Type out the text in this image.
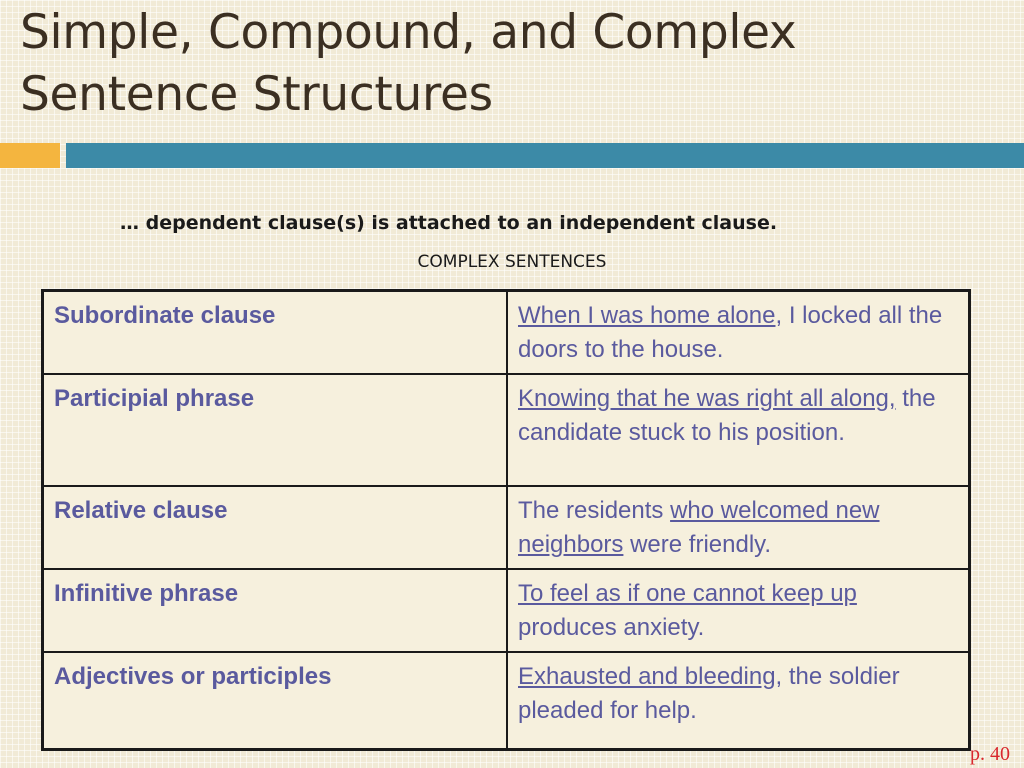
Simple, Compound, and Complex Sentence Structures
… dependent clause(s) is attached to an independent clause.
COMPLEX SENTENCES
Subordinate clause	When I was home alone, I locked all the doors to the house.
Participial phrase	Knowing that he was right all along, the candidate stuck to his position.
Relative clause	The residents who welcomed new neighbors were friendly.
Infinitive phrase	To feel as if one cannot keep up produces anxiety.
Adjectives or participles	Exhausted and bleeding, the soldier pleaded for help.
p. 40
